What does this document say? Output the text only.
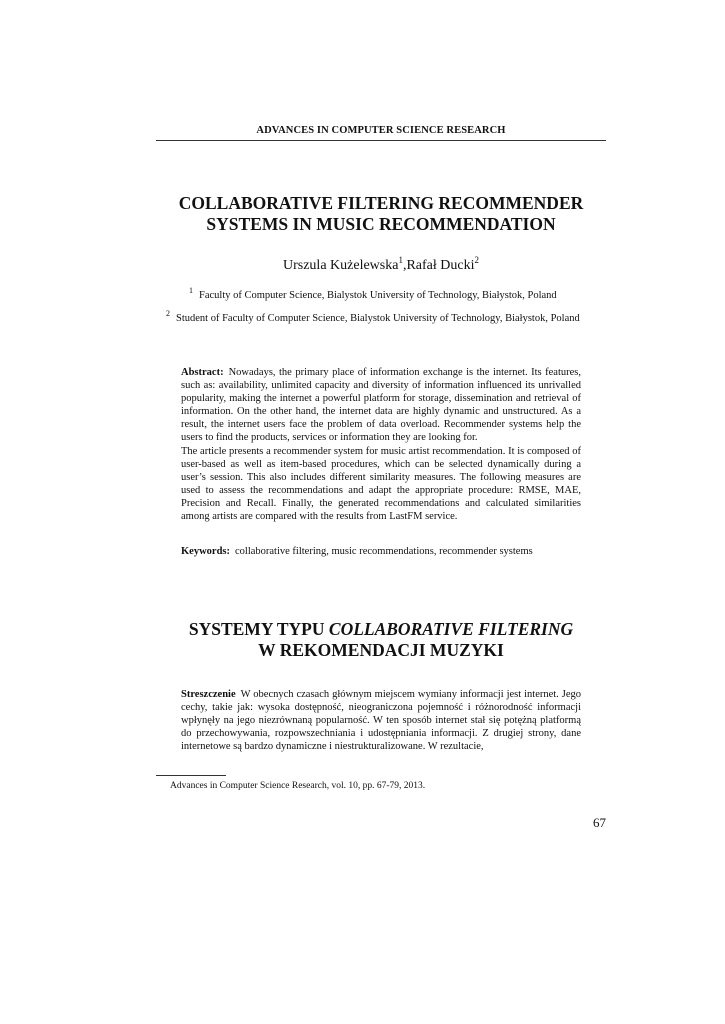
ADVANCES IN COMPUTER SCIENCE RESEARCH
COLLABORATIVE FILTERING RECOMMENDER
SYSTEMS IN MUSIC RECOMMENDATION
Urszula Kużelewska$^1$,Rafał Ducki$^2$
$^1$ Faculty of Computer Science, Bialystok University of Technology, Białystok, Poland
$^2$ Student of Faculty of Computer Science, Bialystok University of Technology, Białystok, Poland

Abstract: Nowadays, the primary place of information exchange is the internet. Its features, such as: availability, unlimited capacity and diversity of information influenced its unrivalled popularity, making the internet a powerful platform for storage, dissemination and retrieval of information. On the other hand, the internet data are highly dynamic and unstructured. As a result, the internet users face the problem of data overload. Recommender systems help the users to find the products, services or information they are looking for.

The article presents a recommender system for music artist recommendation. It is composed of user-based as well as item-based procedures, which can be selected dynamically during a user’s session. This also includes different similarity measures. The following measures are used to assess the recommendations and adapt the appropriate procedure: RMSE, MAE, Precision and Recall. Finally, the generated recommendations and calculated similarities among artists are compared with the results from LastFM service.

Keywords: collaborative filtering, music recommendations, recommender systems
SYSTEMY TYPU COLLABORATIVE FILTERING
W REKOMENDACJI MUZYKI
Streszczenie W obecnych czasach głównym miejscem wymiany informacji jest internet. Jego cechy, takie jak: wysoka dostępność, nieograniczona pojemność i różnorodność informacji wpłynęły na jego niezrównaną popularność. W ten sposób internet stał się potężną platformą do przechowywania, rozpowszechniania i udostępniania informacji. Z drugiej strony, dane internetowe są bardzo dynamiczne i niestrukturalizowane. W rezultacie,
Advances in Computer Science Research, vol. 10, pp. 67-79, 2013.
67
